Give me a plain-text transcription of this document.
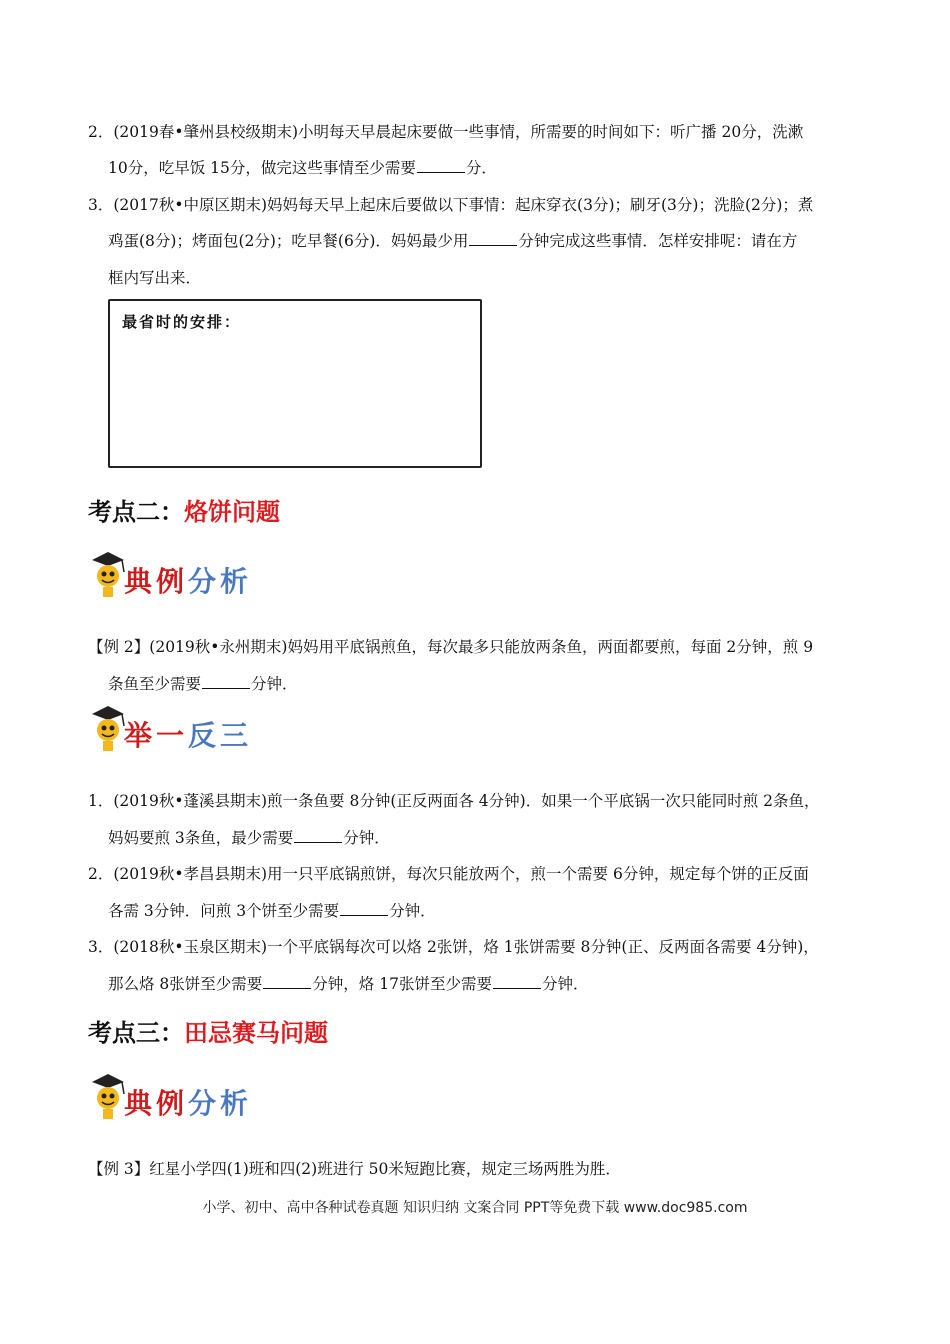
2．(2019春•肇州县校级期末)小明每天早晨起床要做一些事情，所需要的时间如下：听广播 20分，洗漱
10分，吃早饭 15分，做完这些事情至少需要	分．
3．(2017秋•中原区期末)妈妈每天早上起床后要做以下事情：起床穿衣(3分)；刷牙(3分)；洗脸(2分)；煮
鸡蛋(8分)；烤面包(2分)；吃早餐(6分)．妈妈最少用	分钟完成这些事情．怎样安排呢：请在方
框内写出来．
最省时的安排：
考点二：烙饼问题
典例分析
【例 2】(2019秋•永州期末)妈妈用平底锅煎鱼，每次最多只能放两条鱼，两面都要煎，每面 2分钟，煎 9
条鱼至少需要	分钟．
举一反三
1．(2019秋•蓬溪县期末)煎一条鱼要 8分钟(正反两面各 4分钟)．如果一个平底锅一次只能同时煎 2条鱼，
妈妈要煎 3条鱼，最少需要	分钟．
2．(2019秋•孝昌县期末)用一只平底锅煎饼，每次只能放两个，煎一个需要 6分钟，规定每个饼的正反面
各需 3分钟．问煎 3个饼至少需要	分钟．
3．(2018秋•玉泉区期末)一个平底锅每次可以烙 2张饼，烙 1张饼需要 8分钟(正、反两面各需要 4分钟)，
那么烙 8张饼至少需要	分钟，烙 17张饼至少需要	分钟．
考点三：田忌赛马问题
典例分析
【例 3】红星小学四(1)班和四(2)班进行 50米短跑比赛，规定三场两胜为胜．
小学、初中、高中各种试卷真题 知识归纳 文案合同 PPT等免费下载 www.doc985.com
